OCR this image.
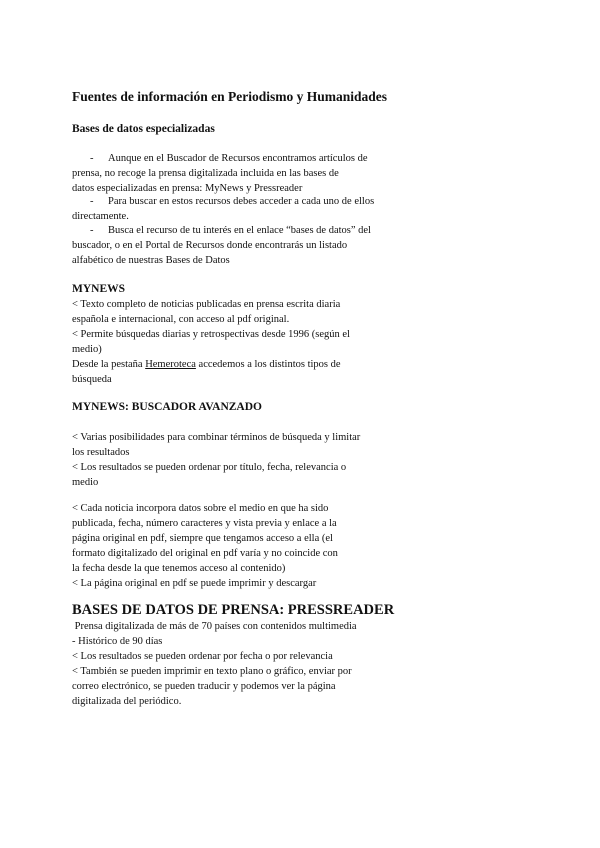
Fuentes de información en Periodismo y Humanidades
Bases de datos especializadas
- Aunque en el Buscador de Recursos encontramos artículos de
prensa, no recoge la prensa digitalizada incluida en las bases de
datos especializadas en prensa: MyNews y Pressreader
- Para buscar en estos recursos debes acceder a cada uno de ellos
directamente.
- Busca el recurso de tu interés en el enlace “bases de datos” del
buscador, o en el Portal de Recursos donde encontrarás un listado
alfabético de nuestras Bases de Datos
MYNEWS
< Texto completo de noticias publicadas en prensa escrita diaria
española e internacional, con acceso al pdf original.
< Permite búsquedas diarias y retrospectivas desde 1996 (según el
medio)
Desde la pestaña Hemeroteca accedemos a los distintos tipos de
búsqueda
MYNEWS: BUSCADOR AVANZADO
< Varias posibilidades para combinar términos de búsqueda y limitar
los resultados
< Los resultados se pueden ordenar por título, fecha, relevancia o
medio
< Cada noticia incorpora datos sobre el medio en que ha sido
publicada, fecha, número caracteres y vista previa y enlace a la
página original en pdf, siempre que tengamos acceso a ella (el
formato digitalizado del original en pdf varía y no coincide con
la fecha desde la que tenemos acceso al contenido)
< La página original en pdf se puede imprimir y descargar
BASES DE DATOS DE PRENSA: PRESSREADER
Prensa digitalizada de más de 70 países con contenidos multimedia
- Histórico de 90 días
< Los resultados se pueden ordenar por fecha o por relevancia
< También se pueden imprimir en texto plano o gráfico, enviar por
correo electrónico, se pueden traducir y podemos ver la página
digitalizada del periódico.
